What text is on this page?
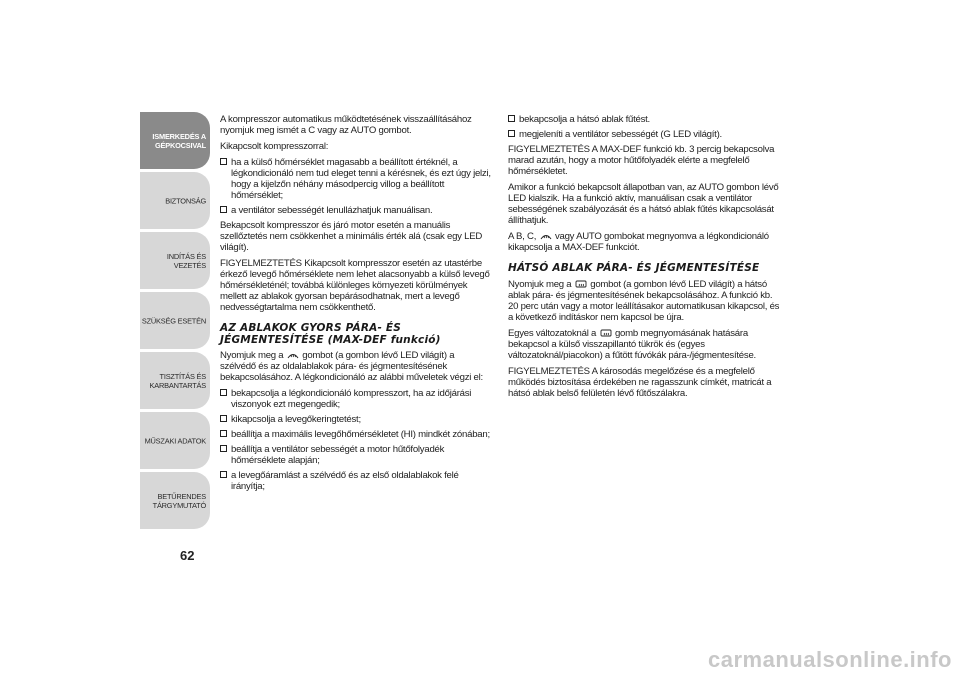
ISMERKEDÉS A
GÉPKOCSIVAL
BIZTONSÁG
INDÍTÁS ÉS VEZETÉS
SZÜKSÉG ESETÉN
TISZTÍTÁS ÉS
KARBANTARTÁS
MŰSZAKI ADATOK
BETŰRENDES
TÁRGYMUTATÓ
62

A kompresszor automatikus működtetésének visszaállításához nyomjuk meg ismét a C vagy az AUTO gombot.

Kikapcsolt kompresszorral:

ha a külső hőmérséklet magasabb a beállított értéknél, a légkondicionáló nem tud eleget tenni a kérésnek, és ezt úgy jelzi, hogy a kijelzőn néhány másodpercig villog a beállított hőmérséklet;
a ventilátor sebességét lenullázhatjuk manuálisan.

Bekapcsolt kompresszor és járó motor esetén a manuális szellőztetés nem csökkenhet a minimális érték alá (csak egy LED világít).

FIGYELMEZTETÉS Kikapcsolt kompresszor esetén az utastérbe érkező levegő hőmérséklete nem lehet alacsonyabb a külső levegő hőmérsékleténél; továbbá különleges környezeti körülmények mellett az ablakok gyorsan bepárásodhatnak, mert a levegő nedvességtartalma nem csökkenthető.

AZ ABLAKOK GYORS PÁRA- ÉS JÉGMENTESÍTÉSE (MAX-DEF funkció)

Nyomjuk meg a gombot (a gombon lévő LED világít) a szélvédő és az oldalablakok pára- és jégmentesítésének bekapcsolásához. A légkondicionáló az alábbi műveletek végzi el:

bekapcsolja a légkondicionáló kompresszort, ha az időjárási viszonyok ezt megengedik;
kikapcsolja a levegőkeringtetést;
beállítja a maximális levegőhőmérsékletet (HI) mindkét zónában;
beállítja a ventilátor sebességét a motor hűtőfolyadék hőmérséklete alapján;
a levegőáramlást a szélvédő és az első oldalablakok felé irányítja;
bekapcsolja a hátsó ablak fűtést.
megjeleníti a ventilátor sebességét (G LED világít).

FIGYELMEZTETÉS A MAX-DEF funkció kb. 3 percig bekapcsolva marad azután, hogy a motor hűtőfolyadék elérte a megfelelő hőmérsékletet.

Amikor a funkció bekapcsolt állapotban van, az AUTO gombon lévő LED kialszik. Ha a funkció aktív, manuálisan csak a ventilátor sebességének szabályozását és a hátsó ablak fűtés kikapcsolását állíthatjuk.

A B, C, vagy AUTO gombokat megnyomva a légkondicionáló kikapcsolja a MAX-DEF funkciót.

HÁTSÓ ABLAK PÁRA- ÉS JÉGMENTESÍTÉSE

Nyomjuk meg a gombot (a gombon lévő LED világít) a hátsó ablak pára- és jégmentesítésének bekapcsolásához. A funkció kb. 20 perc után vagy a motor leállításakor automatikusan kikapcsol, és a következő indításkor nem kapcsol be újra.

Egyes változatoknál a gomb megnyomásának hatására bekapcsol a külső visszapillantó tükrök és (egyes változatoknál/piacokon) a fűtött fúvókák pára-/jégmentesítése.

FIGYELMEZTETÉS A károsodás megelőzése és a megfelelő működés biztosítása érdekében ne ragasszunk címkét, matricát a hátsó ablak belső felületén lévő fűtőszálakra.

carmanualsonline.info
